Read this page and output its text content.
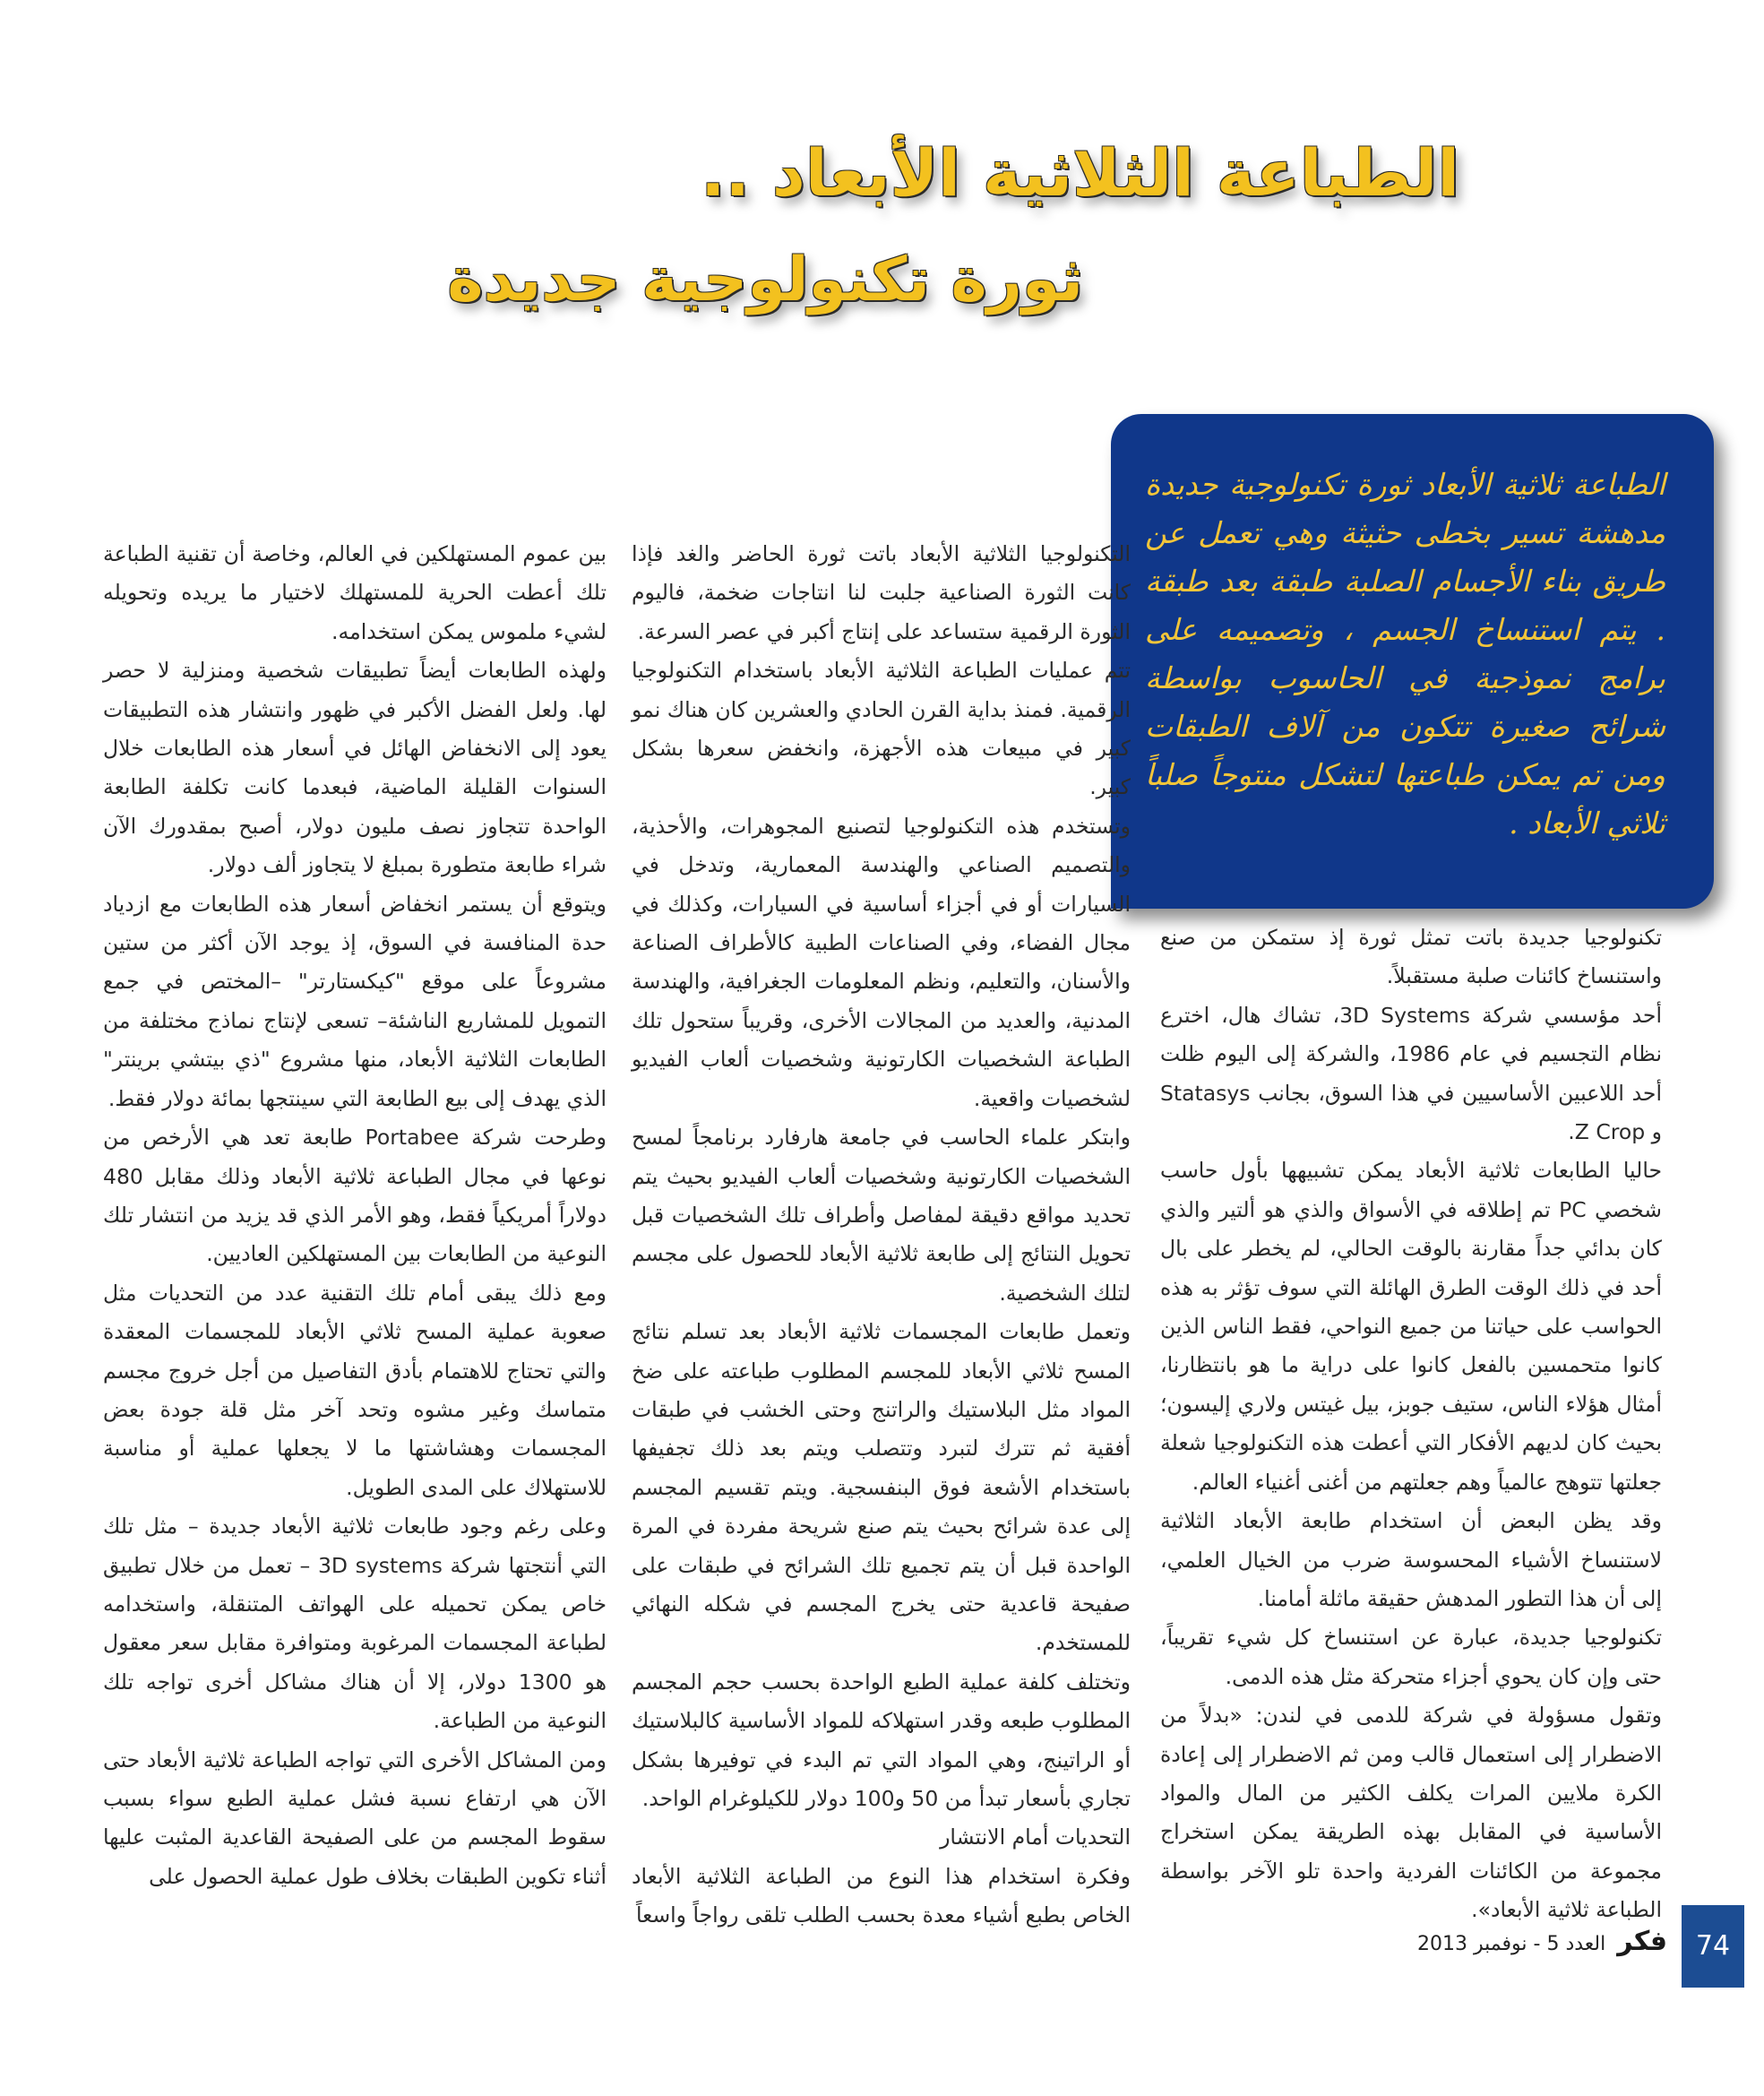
الطباعة الثلاثية الأبعاد ..
ثورة تكنولوجية جديدة

الطباعة ثلاثية الأبعاد ثورة تكنولوجية جديدة مدهشة تسير بخطى حثيثة وهي تعمل عن طريق بناء الأجسام الصلبة طبقة بعد طبقة . يتم استنساخ الجسم ، وتصميمه على برامج نموذجية في الحاسوب بواسطة شرائح صغيرة تتكون من آلاف الطبقات ومن تم يمكن طباعتها لتشكل منتوجاً صلباً ثلاثي الأبعاد .

تكنولوجيا جديدة باتت تمثل ثورة إذ ستمكن من صنع واستنساخ كائنات صلبة مستقبلاً.

أحد مؤسسي شركة 3D Systems، تشاك هال، اخترع نظام التجسيم في عام 1986، والشركة إلى اليوم ظلت أحد اللاعبين الأساسيين في هذا السوق، بجانب Statasys و Z Crop.

حاليا الطابعات ثلاثية الأبعاد يمكن تشبيهها بأول حاسب شخصي PC تم إطلاقه في الأسواق والذي هو ألتير والذي كان بدائي جداً مقارنة بالوقت الحالي، لم يخطر على بال أحد في ذلك الوقت الطرق الهائلة التي سوف تؤثر به هذه الحواسب على حياتنا من جميع النواحي، فقط الناس الذين كانوا متحمسين بالفعل كانوا على دراية ما هو بانتظارنا، أمثال هؤلاء الناس، ستيف جوبز، بيل غيتس ولاري إليسون؛ بحيث كان لديهم الأفكار التي أعطت هذه التكنولوجيا شعلة جعلتها تتوهج عالمياً وهم جعلتهم من أغنى أغنياء العالم.

وقد يظن البعض أن استخدام طابعة الأبعاد الثلاثية لاستنساخ الأشياء المحسوسة ضرب من الخيال العلمي، إلى أن هذا التطور المدهش حقيقة ماثلة أمامنا.

تكنولوجيا جديدة، عبارة عن استنساخ كل شيء تقريباً، حتى وإن كان يحوي أجزاء متحركة مثل هذه الدمى.

وتقول مسؤولة في شركة للدمى في لندن: «بدلاً من الاضطرار إلى استعمال قالب ومن ثم الاضطرار إلى إعادة الكرة ملايين المرات يكلف الكثير من المال والمواد الأساسية في المقابل بهذه الطريقة يمكن استخراج مجموعة من الكائنات الفردية واحدة تلو الآخر بواسطة الطباعة ثلاثية الأبعاد».

التكنولوجيا الثلاثية الأبعاد باتت ثورة الحاضر والغد فإذا كانت الثورة الصناعية جلبت لنا انتاجات ضخمة، فاليوم الثورة الرقمية ستساعد على إنتاج أكبر في عصر السرعة.

تتم عمليات الطباعة الثلاثية الأبعاد باستخدام التكنولوجيا الرقمية. فمنذ بداية القرن الحادي والعشرين كان هناك نمو كبير في مبيعات هذه الأجهزة، وانخفض سعرها بشكل كبير.

وتستخدم هذه التكنولوجيا لتصنيع المجوهرات، والأحذية، والتصميم الصناعي والهندسة المعمارية، وتدخل في السيارات أو في أجزاء أساسية في السيارات، وكذلك في مجال الفضاء، وفي الصناعات الطبية كالأطراف الصناعة والأسنان، والتعليم، ونظم المعلومات الجغرافية، والهندسة المدنية، والعديد من المجالات الأخرى، وقريباً ستحول تلك الطباعة الشخصيات الكارتونية وشخصيات ألعاب الفيديو لشخصيات واقعية.

وابتكر علماء الحاسب في جامعة هارفارد برنامجاً لمسح الشخصيات الكارتونية وشخصيات ألعاب الفيديو بحيث يتم تحديد مواقع دقيقة لمفاصل وأطراف تلك الشخصيات قبل تحويل النتائج إلى طابعة ثلاثية الأبعاد للحصول على مجسم لتلك الشخصية.

وتعمل طابعات المجسمات ثلاثية الأبعاد بعد تسلم نتائج المسح ثلاثي الأبعاد للمجسم المطلوب طباعته على ضخ المواد مثل البلاستيك والراتنج وحتى الخشب في طبقات أفقية ثم تترك لتبرد وتتصلب ويتم بعد ذلك تجفيفها باستخدام الأشعة فوق البنفسجية. ويتم تقسيم المجسم إلى عدة شرائح بحيث يتم صنع شريحة مفردة في المرة الواحدة قبل أن يتم تجميع تلك الشرائح في طبقات على صفيحة قاعدية حتى يخرج المجسم في شكله النهائي للمستخدم.

وتختلف كلفة عملية الطبع الواحدة بحسب حجم المجسم المطلوب طبعه وقدر استهلاكه للمواد الأساسية كالبلاستيك أو الراتينج، وهي المواد التي تم البدء في توفيرها بشكل تجاري بأسعار تبدأ من 50 و100 دولار للكيلوغرام الواحد.

التحديات أمام الانتشار

وفكرة استخدام هذا النوع من الطباعة الثلاثية الأبعاد الخاص بطبع أشياء معدة بحسب الطلب تلقى رواجاً واسعاً

بين عموم المستهلكين في العالم، وخاصة أن تقنية الطباعة تلك أعطت الحرية للمستهلك لاختيار ما يريده وتحويله لشيء ملموس يمكن استخدامه.

ولهذه الطابعات أيضاً تطبيقات شخصية ومنزلية لا حصر لها. ولعل الفضل الأكبر في ظهور وانتشار هذه التطبيقات يعود إلى الانخفاض الهائل في أسعار هذه الطابعات خلال السنوات القليلة الماضية، فبعدما كانت تكلفة الطابعة الواحدة تتجاوز نصف مليون دولار، أصبح بمقدورك الآن شراء طابعة متطورة بمبلغ لا يتجاوز ألف دولار.

ويتوقع أن يستمر انخفاض أسعار هذه الطابعات مع ازدياد حدة المنافسة في السوق، إذ يوجد الآن أكثر من ستين مشروعاً على موقع "كيكستارتر" –المختص في جمع التمويل للمشاريع الناشئة– تسعى لإنتاج نماذج مختلفة من الطابعات الثلاثية الأبعاد، منها مشروع "ذي بيتشي برينتر" الذي يهدف إلى بيع الطابعة التي سينتجها بمائة دولار فقط.

وطرحت شركة Portabee طابعة تعد هي الأرخص من نوعها في مجال الطباعة ثلاثية الأبعاد وذلك مقابل 480 دولاراً أمريكياً فقط، وهو الأمر الذي قد يزيد من انتشار تلك النوعية من الطابعات بين المستهلكين العاديين.

ومع ذلك يبقى أمام تلك التقنية عدد من التحديات مثل صعوبة عملية المسح ثلاثي الأبعاد للمجسمات المعقدة والتي تحتاج للاهتمام بأدق التفاصيل من أجل خروج مجسم متماسك وغير مشوه وتحد آخر مثل قلة جودة بعض المجسمات وهشاشتها ما لا يجعلها عملية أو مناسبة للاستهلاك على المدى الطويل.

وعلى رغم وجود طابعات ثلاثية الأبعاد جديدة – مثل تلك التي أنتجتها شركة 3D systems – تعمل من خلال تطبيق خاص يمكن تحميله على الهواتف المتنقلة، واستخدامه لطباعة المجسمات المرغوبة ومتوافرة مقابل سعر معقول هو 1300 دولار، إلا أن هناك مشاكل أخرى تواجه تلك النوعية من الطباعة.

ومن المشاكل الأخرى التي تواجه الطباعة ثلاثية الأبعاد حتى الآن هي ارتفاع نسبة فشل عملية الطبع سواء بسبب سقوط المجسم من على الصفيحة القاعدية المثبت عليها أثناء تكوين الطبقات بخلاف طول عملية الحصول على

فكر العدد 5 - نوفمبر 2013	74
